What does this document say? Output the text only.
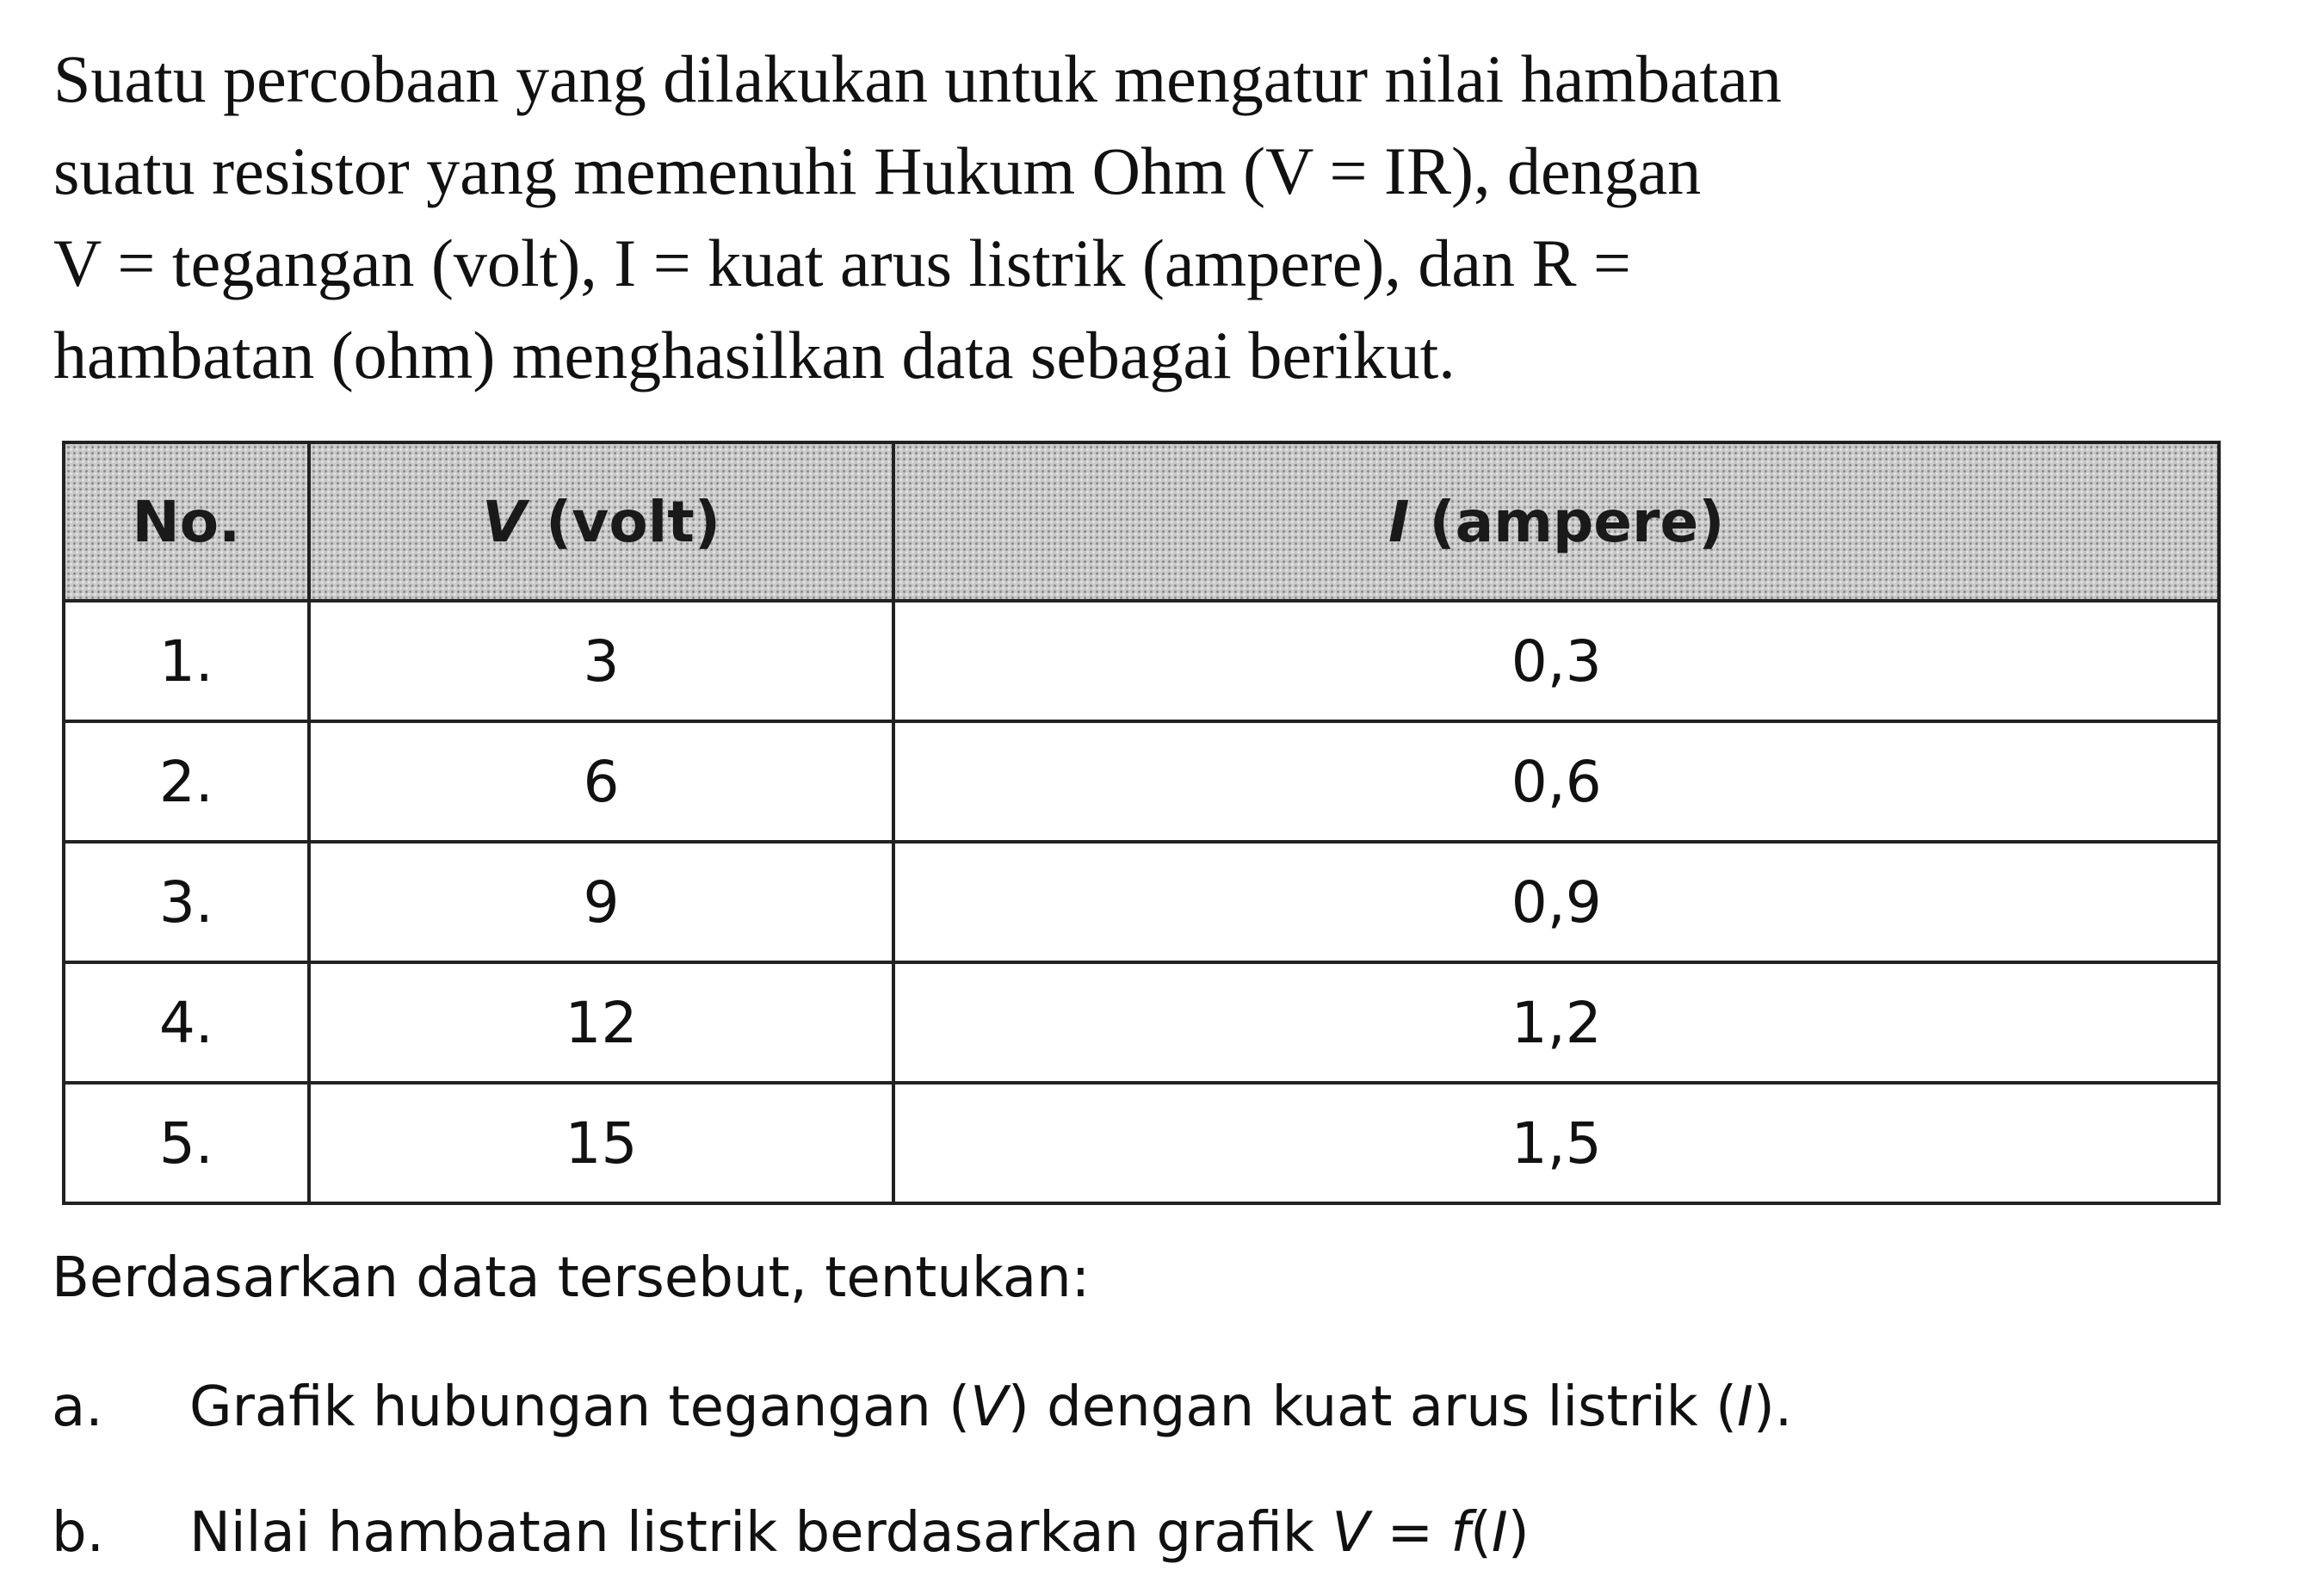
Suatu percobaan yang dilakukan untuk mengatur nilai hambatan
suatu resistor yang memenuhi Hukum Ohm (V = IR), dengan
V = tegangan (volt), I = kuat arus listrik (ampere), dan R =
hambatan (ohm) menghasilkan data sebagai berikut.
No.	V (volt)	I (ampere)
1.	3	0,3
2.	6	0,6
3.	9	0,9
4.	12	1,2
5.	15	1,5
Berdasarkan data tersebut, tentukan:
a. Grafik hubungan tegangan (V) dengan kuat arus listrik (I).
b. Nilai hambatan listrik berdasarkan grafik V = f(I)
